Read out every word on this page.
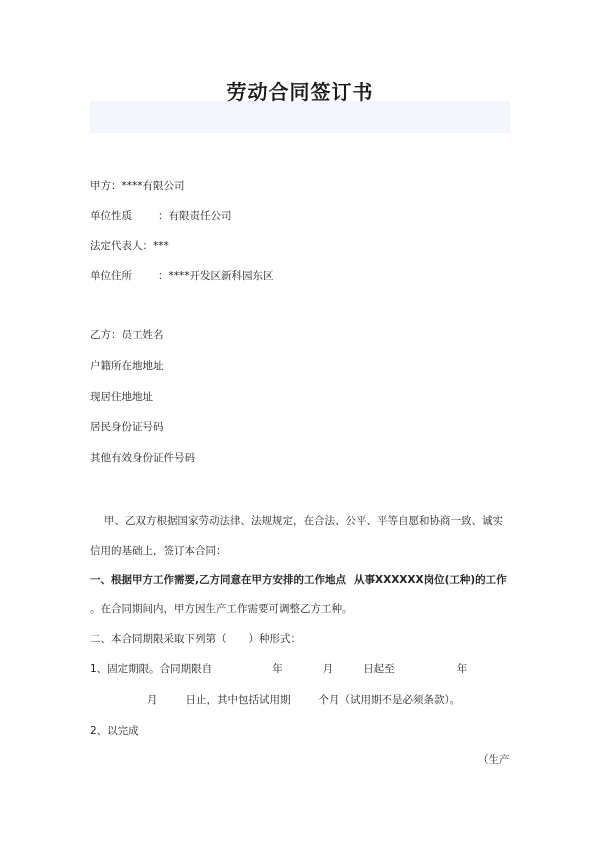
劳动合同签订书
甲方：****有限公司
单位性质 ：有限责任公司
法定代表人：***
单位住所 ：****开发区新科园东区
乙方：员工姓名
户籍所在地地址
现居住地地址
居民身份证号码
其他有效身份证件号码
甲、乙双方根据国家劳动法律、法规规定，在合法、公平、平等自愿和协商一致、诚实
信用的基础上，签订本合同：
一、根据甲方工作需要,乙方同意在甲方安排的工作地点 从事XXXXXX岗位(工种)的工作
。在合同期间内，甲方因生产工作需要可调整乙方工种。
二、本合同期限采取下列第（ ）种形式：
1、固定期限。合同期限自	年	月	日起至	年
月	日止，其中包括试用期	个月（试用期不是必须条款）。
2、以完成
（生产
